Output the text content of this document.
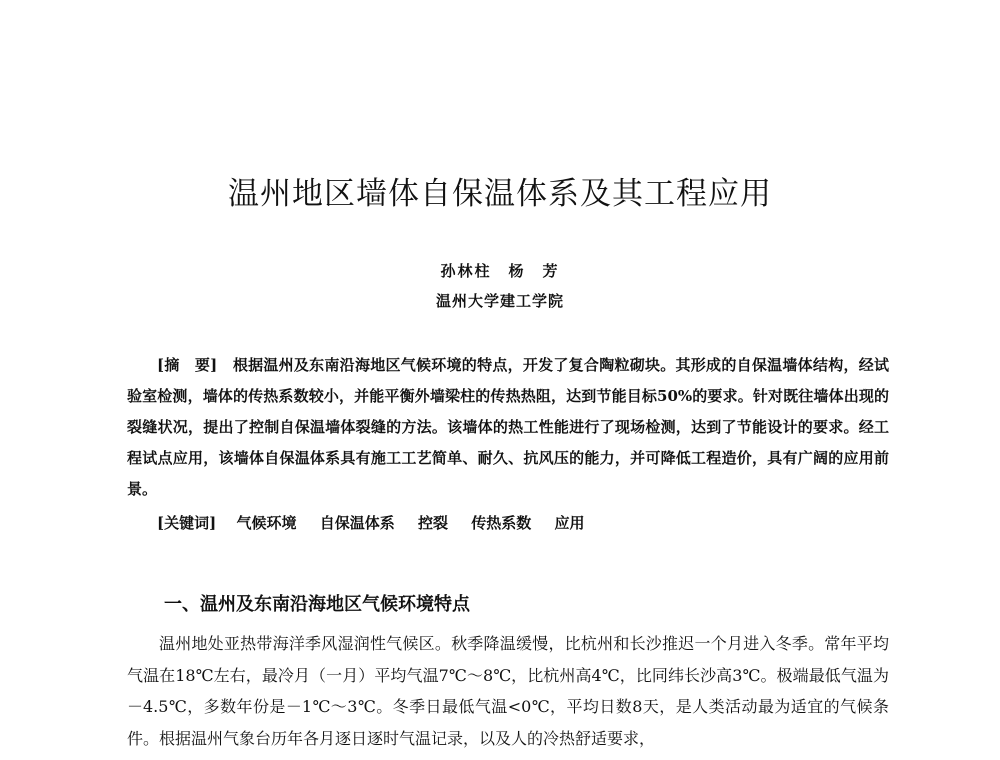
温州地区墙体自保温体系及其工程应用
孙林柱　杨　芳
温州大学建工学院
[摘　要]　 根据温州及东南沿海地区气候环境的特点，开发了复合陶粒砌块。其形成的自保温墙体结构，经试验室检测，墙体的传热系数较小，并能平衡外墙梁柱的传热热阻，达到节能目标50%的要求。针对既往墙体出现的裂缝状况，提出了控制自保温墙体裂缝的方法。该墙体的热工性能进行了现场检测，达到了节能设计的要求。经工程试点应用，该墙体自保温体系具有施工工艺简单、耐久、抗风压的能力，并可降低工程造价，具有广阔的应用前景。
[关键词]　 气候环境 自保温体系 控裂 传热系数 应用
一、温州及东南沿海地区气候环境特点
温州地处亚热带海洋季风湿润性气候区。秋季降温缓慢，比杭州和长沙推迟一个月进入冬季。常年平均气温在18℃左右，最冷月（一月）平均气温7℃～8℃，比杭州高4℃，比同纬长沙高3℃。极端最低气温为－4.5℃，多数年份是－1℃～3℃。冬季日最低气温<0℃，平均日数8天，是人类活动最为适宜的气候条件。根据温州气象台历年各月逐日逐时气温记录，以及人的冷热舒适要求，
